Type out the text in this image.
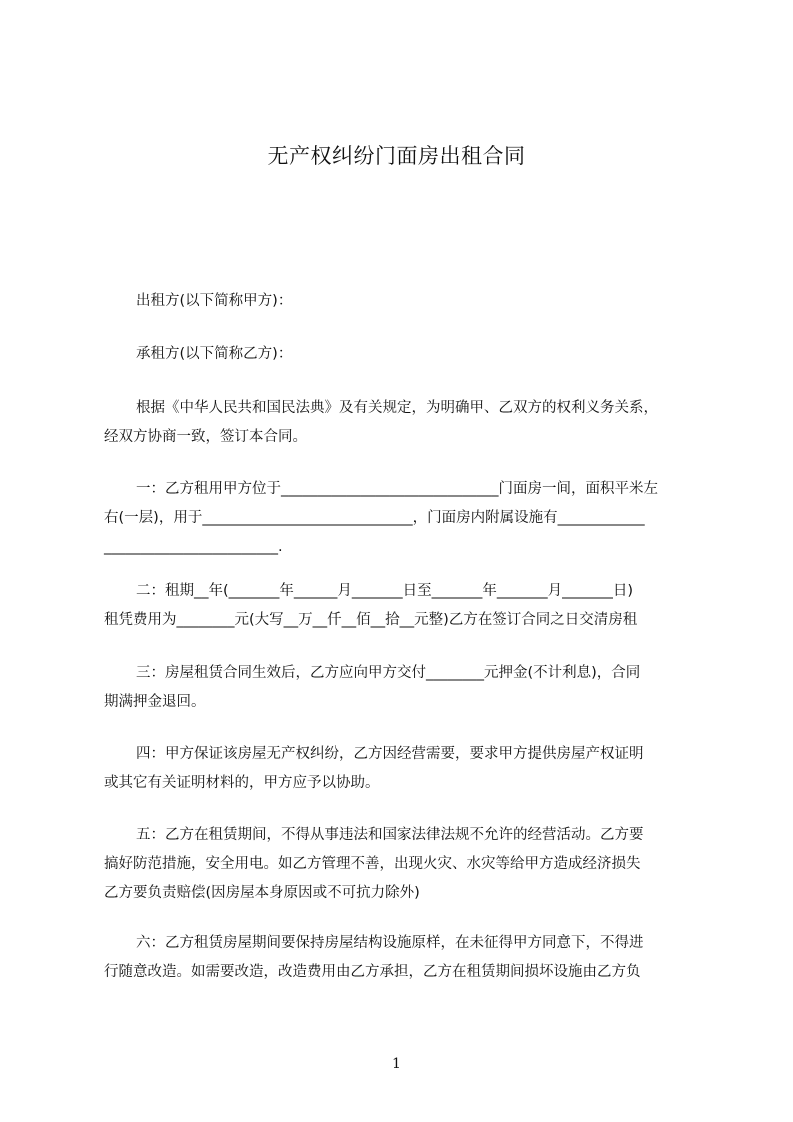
无产权纠纷门面房出租合同
出租方(以下简称甲方)：
承租方(以下简称乙方)：
根据《中华人民共和国民法典》及有关规定，为明确甲、乙双方的权利义务关系，
经双方协商一致，签订本合同。
一：乙方租用甲方位于______________________________门面房一间，面积平米左
右(一层)，用于_____________________________，门面房内附属设施有____________
________________________.
二：租期__年(_______年______月_______日至_______年_______月_______日)
租凭费用为________元(大写__万__仟__佰__拾__元整)乙方在签订合同之日交清房租
三：房屋租赁合同生效后，乙方应向甲方交付________元押金(不计利息)，合同
期满押金退回。
四：甲方保证该房屋无产权纠纷，乙方因经营需要，要求甲方提供房屋产权证明
或其它有关证明材料的，甲方应予以协助。
五：乙方在租赁期间，不得从事违法和国家法律法规不允许的经营活动。乙方要
搞好防范措施，安全用电。如乙方管理不善，出现火灾、水灾等给甲方造成经济损失
乙方要负责赔偿(因房屋本身原因或不可抗力除外)
六：乙方租赁房屋期间要保持房屋结构设施原样，在未征得甲方同意下，不得进
行随意改造。如需要改造，改造费用由乙方承担，乙方在租赁期间损坏设施由乙方负
1
